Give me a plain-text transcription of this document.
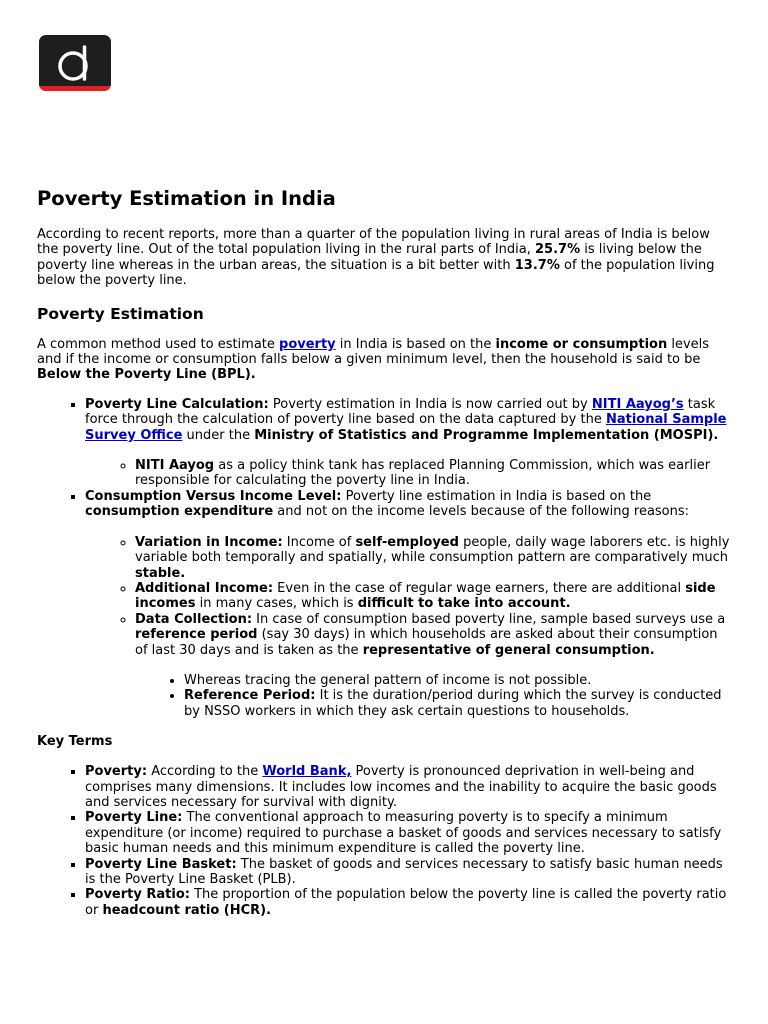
Poverty Estimation in India

According to recent reports, more than a quarter of the population living in rural areas of India is below the poverty line. Out of the total population living in the rural parts of India, 25.7% is living below the poverty line whereas in the urban areas, the situation is a bit better with 13.7% of the population living below the poverty line.

Poverty Estimation

A common method used to estimate poverty in India is based on the income or consumption levels and if the income or consumption falls below a given minimum level, then the household is said to be Below the Poverty Line (BPL).

▪ Poverty Line Calculation: Poverty estimation in India is now carried out by NITI Aayog’s task force through the calculation of poverty line based on the data captured by the National Sample Survey Office under the Ministry of Statistics and Programme Implementation (MOSPI).
◦ NITI Aayog as a policy think tank has replaced Planning Commission, which was earlier responsible for calculating the poverty line in India.
▪ Consumption Versus Income Level: Poverty line estimation in India is based on the consumption expenditure and not on the income levels because of the following reasons:
◦ Variation in Income: Income of self-employed people, daily wage laborers etc. is highly variable both temporally and spatially, while consumption pattern are comparatively much stable.
◦ Additional Income: Even in the case of regular wage earners, there are additional side incomes in many cases, which is difficult to take into account.
◦ Data Collection: In case of consumption based poverty line, sample based surveys use a reference period (say 30 days) in which households are asked about their consumption of last 30 days and is taken as the representative of general consumption.
• Whereas tracing the general pattern of income is not possible.
• Reference Period: It is the duration/period during which the survey is conducted by NSSO workers in which they ask certain questions to households.
Key Terms
▪ Poverty: According to the World Bank, Poverty is pronounced deprivation in well-being and comprises many dimensions. It includes low incomes and the inability to acquire the basic goods and services necessary for survival with dignity.
▪ Poverty Line: The conventional approach to measuring poverty is to specify a minimum expenditure (or income) required to purchase a basket of goods and services necessary to satisfy basic human needs and this minimum expenditure is called the poverty line.
▪ Poverty Line Basket: The basket of goods and services necessary to satisfy basic human needs is the Poverty Line Basket (PLB).
▪ Poverty Ratio: The proportion of the population below the poverty line is called the poverty ratio or headcount ratio (HCR).
